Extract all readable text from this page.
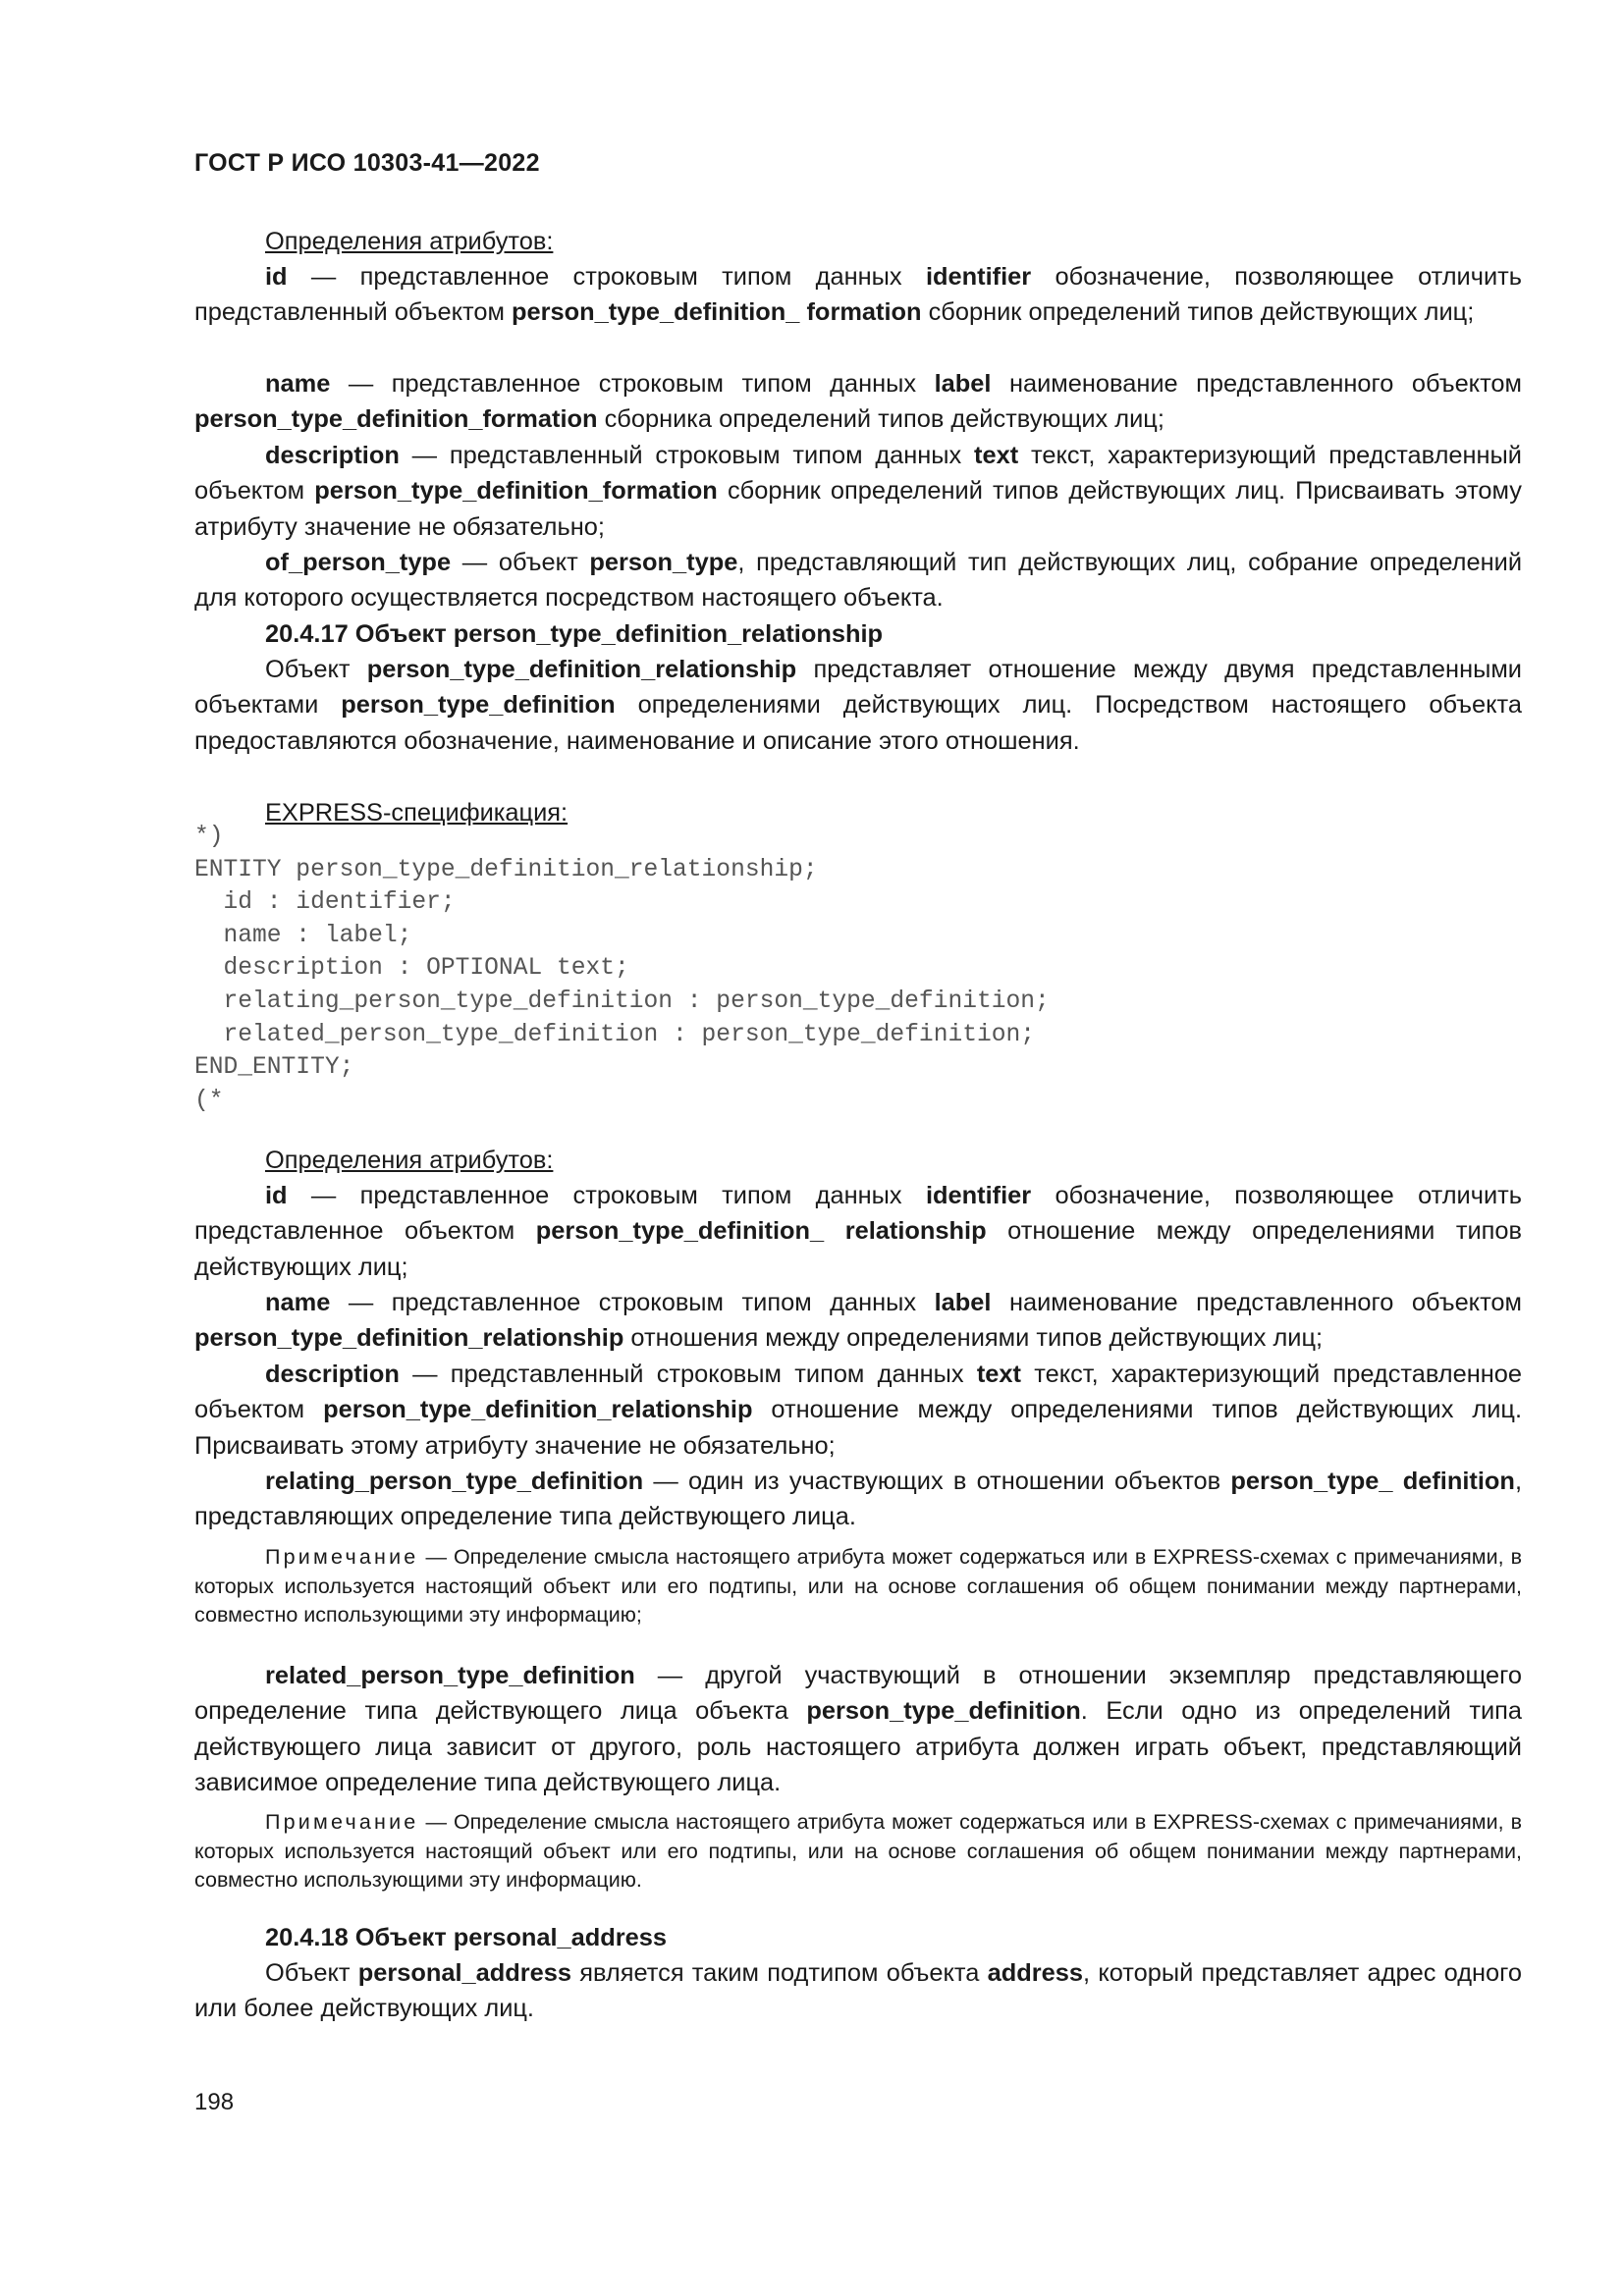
ГОСТ Р ИСО 10303-41—2022

Определения атрибутов:

id — представленное строковым типом данных identifier обозначение, позволяющее отличить представленный объектом person_type_definition_ formation сборник определений типов действующих лиц;

name — представленное строковым типом данных label наименование представленного объектом person_type_definition_formation сборника определений типов действующих лиц;

description — представленный строковым типом данных text текст, характеризующий представленный объектом person_type_definition_formation сборник определений типов действующих лиц. Присваивать этому атрибуту значение не обязательно;

of_person_type — объект person_type, представляющий тип действующих лиц, собрание определений для которого осуществляется посредством настоящего объекта.

20.4.17 Объект person_type_definition_relationship

Объект person_type_definition_relationship представляет отношение между двумя представленными объектами person_type_definition определениями действующих лиц. Посредством настоящего объекта предоставляются обозначение, наименование и описание этого отношения.

EXPRESS-спецификация:

Определения атрибутов:

id — представленное строковым типом данных identifier обозначение, позволяющее отличить представленное объектом person_type_definition_ relationship отношение между определениями типов действующих лиц;

name — представленное строковым типом данных label наименование представленного объектом person_type_definition_relationship отношения между определениями типов действующих лиц;

description — представленный строковым типом данных text текст, характеризующий представленное объектом person_type_definition_relationship отношение между определениями типов действующих лиц. Присваивать этому атрибуту значение не обязательно;

relating_person_type_definition — один из участвующих в отношении объектов person_type_ definition, представляющих определение типа действующего лица.

Примечание — Определение смысла настоящего атрибута может содержаться или в EXPRESS-схемах с примечаниями, в которых используется настоящий объект или его подтипы, или на основе соглашения об общем понимании между партнерами, совместно использующими эту информацию;

related_person_type_definition — другой участвующий в отношении экземпляр представляющего определение типа действующего лица объекта person_type_definition. Если одно из определений типа действующего лица зависит от другого, роль настоящего атрибута должен играть объект, представляющий зависимое определение типа действующего лица.

Примечание — Определение смысла настоящего атрибута может содержаться или в EXPRESS-схемах с примечаниями, в которых используется настоящий объект или его подтипы, или на основе соглашения об общем понимании между партнерами, совместно использующими эту информацию.

20.4.18 Объект personal_address

Объект personal_address является таким подтипом объекта address, который представляет адрес одного или более действующих лиц.

*)
ENTITY person_type_definition_relationship;
id : identifier;
name : label;
description : OPTIONAL text;
relating_person_type_definition : person_type_definition;
related_person_type_definition : person_type_definition;
END_ENTITY;
(*
198
